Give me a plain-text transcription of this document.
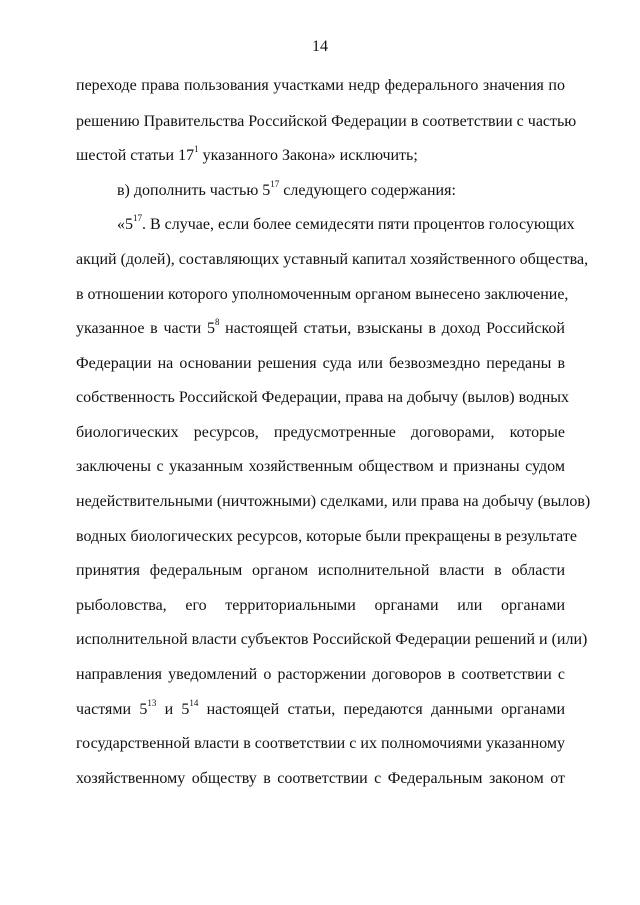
14
переходе права пользования участками недр федерального значения по
решению Правительства Российской Федерации в соответствии с частью
шестой статьи $17^1$ указанного Закона» исключить;
в) дополнить частью $5^{17}$ следующего содержания:
«$5^{17}$. В случае, если более семидесяти пяти процентов голосующих
акций (долей), составляющих уставный капитал хозяйственного общества,
в отношении которого уполномоченным органом вынесено заключение,
указанное в части $5^8$ настоящей статьи, взысканы в доход Российской
Федерации на основании решения суда или безвозмездно переданы в
собственность Российской Федерации, права на добычу (вылов) водных
биологических ресурсов, предусмотренные договорами, которые
заключены с указанным хозяйственным обществом и признаны судом
недействительными (ничтожными) сделками, или права на добычу (вылов)
водных биологических ресурсов, которые были прекращены в результате
принятия федеральным органом исполнительной власти в области
рыболовства, его территориальными органами или органами
исполнительной власти субъектов Российской Федерации решений и (или)
направления уведомлений о расторжении договоров в соответствии с
частями $5^{13}$ и $5^{14}$ настоящей статьи, передаются данными органами
государственной власти в соответствии с их полномочиями указанному
хозяйственному обществу в соответствии с Федеральным законом от
